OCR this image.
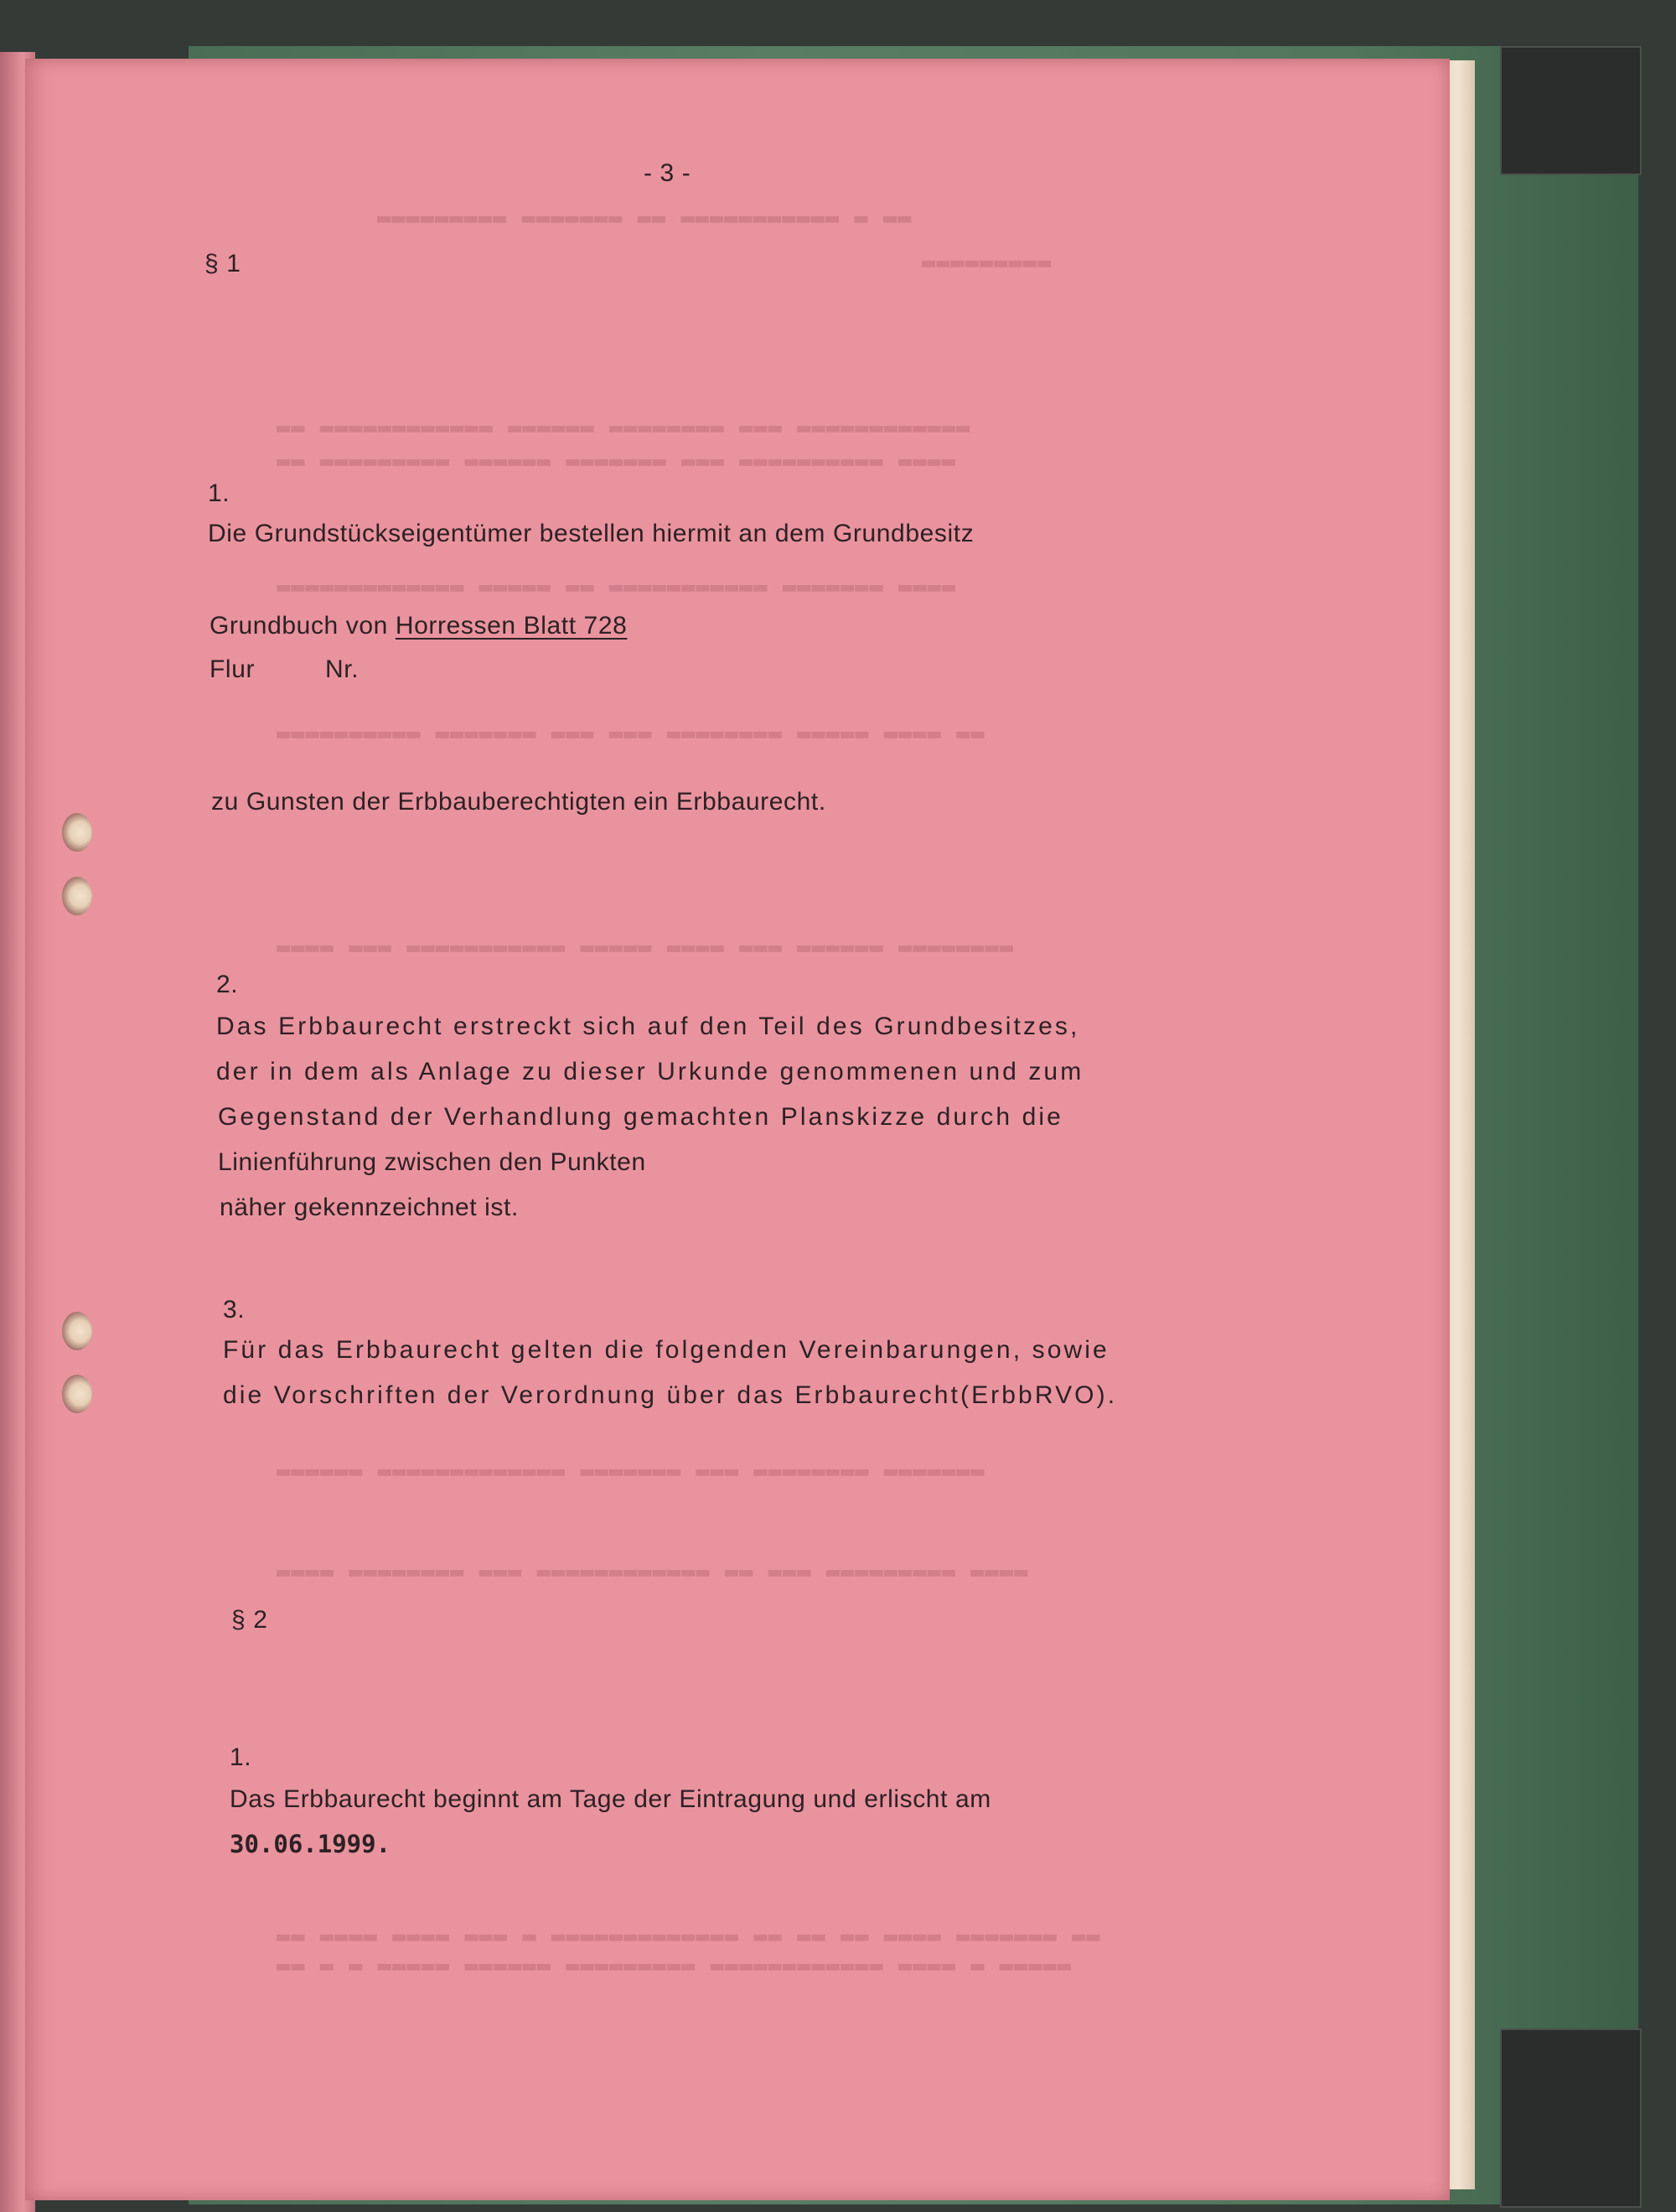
▬▬▬▬▬▬▬▬▬ ▬▬▬▬▬▬▬ ▬▬ ▬▬▬▬▬▬▬▬▬▬▬ ▬ ▬▬
▬▬▬▬▬▬▬▬▬
▬▬ ▬▬▬▬▬▬▬▬▬▬▬▬ ▬▬▬▬▬▬ ▬▬▬▬▬▬▬▬ ▬▬▬ ▬▬▬▬▬▬▬▬▬▬▬▬
▬▬ ▬▬▬▬▬▬▬▬▬ ▬▬▬▬▬▬ ▬▬▬▬▬▬▬ ▬▬▬ ▬▬▬▬▬▬▬▬▬▬ ▬▬▬▬
▬▬▬▬▬▬▬▬▬▬▬▬▬ ▬▬▬▬▬ ▬▬ ▬▬▬▬▬▬▬▬▬▬▬ ▬▬▬▬▬▬▬ ▬▬▬▬
▬▬▬▬▬▬▬▬▬▬ ▬▬▬▬▬▬▬ ▬▬▬ ▬▬▬ ▬▬▬▬▬▬▬▬ ▬▬▬▬▬ ▬▬▬▬ ▬▬
▬▬▬▬ ▬▬▬ ▬▬▬▬▬▬▬▬▬▬▬ ▬▬▬▬▬ ▬▬▬▬ ▬▬▬ ▬▬▬▬▬▬ ▬▬▬▬▬▬▬▬
▬▬▬▬▬▬ ▬▬▬▬▬▬▬▬▬▬▬▬▬ ▬▬▬▬▬▬▬ ▬▬▬ ▬▬▬▬▬▬▬▬ ▬▬▬▬▬▬▬
▬▬▬▬ ▬▬▬▬▬▬▬▬ ▬▬▬ ▬▬▬▬▬▬▬▬▬▬▬▬ ▬▬ ▬▬▬ ▬▬▬▬▬▬▬▬▬ ▬▬▬▬
▬▬ ▬▬▬▬ ▬▬▬▬ ▬▬▬ ▬ ▬▬▬▬▬▬▬▬▬▬▬▬▬ ▬▬ ▬▬ ▬▬ ▬▬▬▬ ▬▬▬▬▬▬▬ ▬▬
▬▬ ▬ ▬ ▬▬▬▬▬ ▬▬▬▬▬▬ ▬▬▬▬▬▬▬▬▬ ▬▬▬▬▬▬▬▬▬▬▬▬ ▬▬▬▬ ▬ ▬▬▬▬▬
- 3 -
§ 1
1.
Die Grundstückseigentümer bestellen hiermit an dem Grundbesitz
Grundbuch von Horressen Blatt 728
Flur	Nr.
zu Gunsten der Erbbauberechtigten ein Erbbaurecht.
2.
Das Erbbaurecht erstreckt sich auf den Teil des Grundbesitzes,
der in dem als Anlage zu dieser Urkunde genommenen und zum
Gegenstand der Verhandlung gemachten Planskizze durch die
Linienführung zwischen den Punkten
näher gekennzeichnet ist.
3.
Für das Erbbaurecht gelten die folgenden Vereinbarungen, sowie
die Vorschriften der Verordnung über das Erbbaurecht(ErbbRVO).
§ 2
1.
Das Erbbaurecht beginnt am Tage der Eintragung und erlischt am
30.06.1999.
